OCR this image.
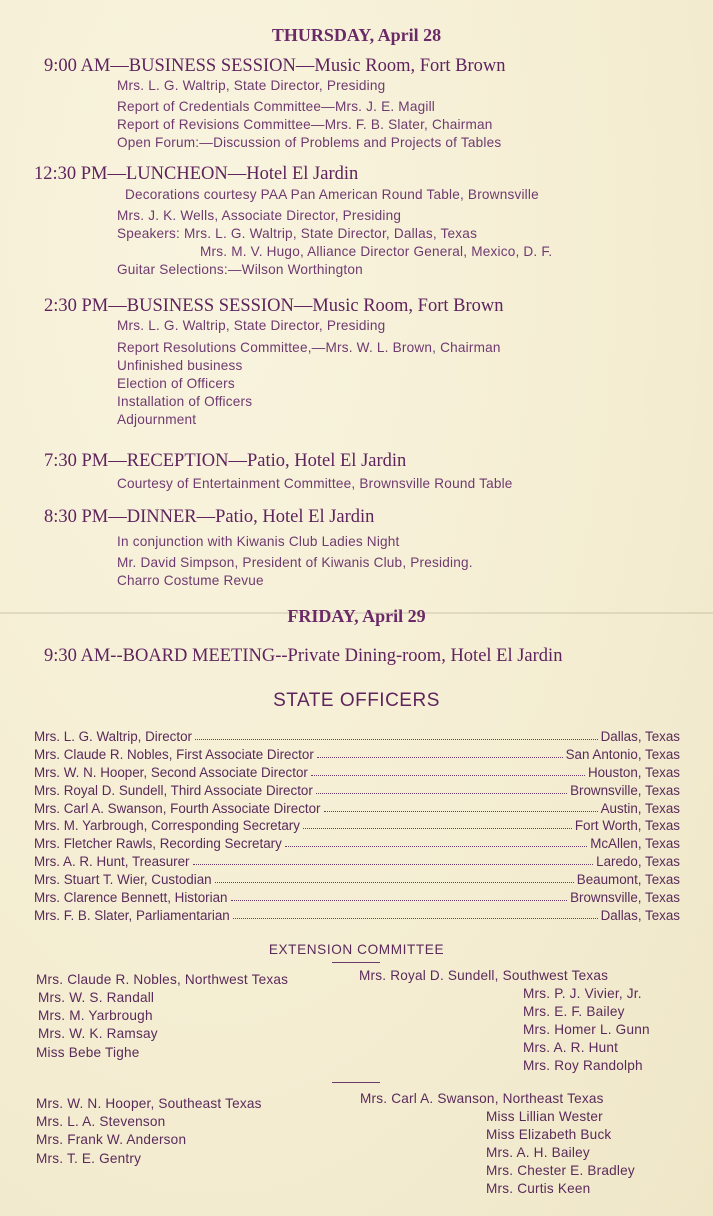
THURSDAY, April 28
9:00 AM—BUSINESS SESSION—Music Room, Fort Brown
Mrs. L. G. Waltrip, State Director, Presiding
Report of Credentials Committee—Mrs. J. E. Magill
Report of Revisions Committee—Mrs. F. B. Slater, Chairman
Open Forum:—Discussion of Problems and Projects of Tables
12:30 PM—LUNCHEON—Hotel El Jardin
Decorations courtesy PAA Pan American Round Table, Brownsville
Mrs. J. K. Wells, Associate Director, Presiding
Speakers: Mrs. L. G. Waltrip, State Director, Dallas, Texas
Mrs. M. V. Hugo, Alliance Director General, Mexico, D. F.
Guitar Selections:—Wilson Worthington
2:30 PM—BUSINESS SESSION—Music Room, Fort Brown
Mrs. L. G. Waltrip, State Director, Presiding
Report Resolutions Committee,—Mrs. W. L. Brown, Chairman
Unfinished business
Election of Officers
Installation of Officers
Adjournment
7:30 PM—RECEPTION—Patio, Hotel El Jardin
Courtesy of Entertainment Committee, Brownsville Round Table
8:30 PM—DINNER—Patio, Hotel El Jardin
In conjunction with Kiwanis Club Ladies Night
Mr. David Simpson, President of Kiwanis Club, Presiding.
Charro Costume Revue
FRIDAY, April 29
9:30 AM--BOARD MEETING--Private Dining-room, Hotel El Jardin
STATE OFFICERS
Mrs. L. G. Waltrip, Director	Dallas, Texas
Mrs. Claude R. Nobles, First Associate Director	San Antonio, Texas
Mrs. W. N. Hooper, Second Associate Director	Houston, Texas
Mrs. Royal D. Sundell, Third Associate Director	Brownsville, Texas
Mrs. Carl A. Swanson, Fourth Associate Director	Austin, Texas
Mrs. M. Yarbrough, Corresponding Secretary	Fort Worth, Texas
Mrs. Fletcher Rawls, Recording Secretary	McAllen, Texas
Mrs. A. R. Hunt, Treasurer	Laredo, Texas
Mrs. Stuart T. Wier, Custodian	Beaumont, Texas
Mrs. Clarence Bennett, Historian	Brownsville, Texas
Mrs. F. B. Slater, Parliamentarian	Dallas, Texas
EXTENSION COMMITTEE
Mrs. Claude R. Nobles, Northwest Texas
Mrs. W. S. Randall
Mrs. M. Yarbrough
Mrs. W. K. Ramsay
Miss Bebe Tighe
Mrs. Royal D. Sundell, Southwest Texas
Mrs. P. J. Vivier, Jr.
Mrs. E. F. Bailey
Mrs. Homer L. Gunn
Mrs. A. R. Hunt
Mrs. Roy Randolph
Mrs. W. N. Hooper, Southeast Texas
Mrs. L. A. Stevenson
Mrs. Frank W. Anderson
Mrs. T. E. Gentry
Mrs. Carl A. Swanson, Northeast Texas
Miss Lillian Wester
Miss Elizabeth Buck
Mrs. A. H. Bailey
Mrs. Chester E. Bradley
Mrs. Curtis Keen
